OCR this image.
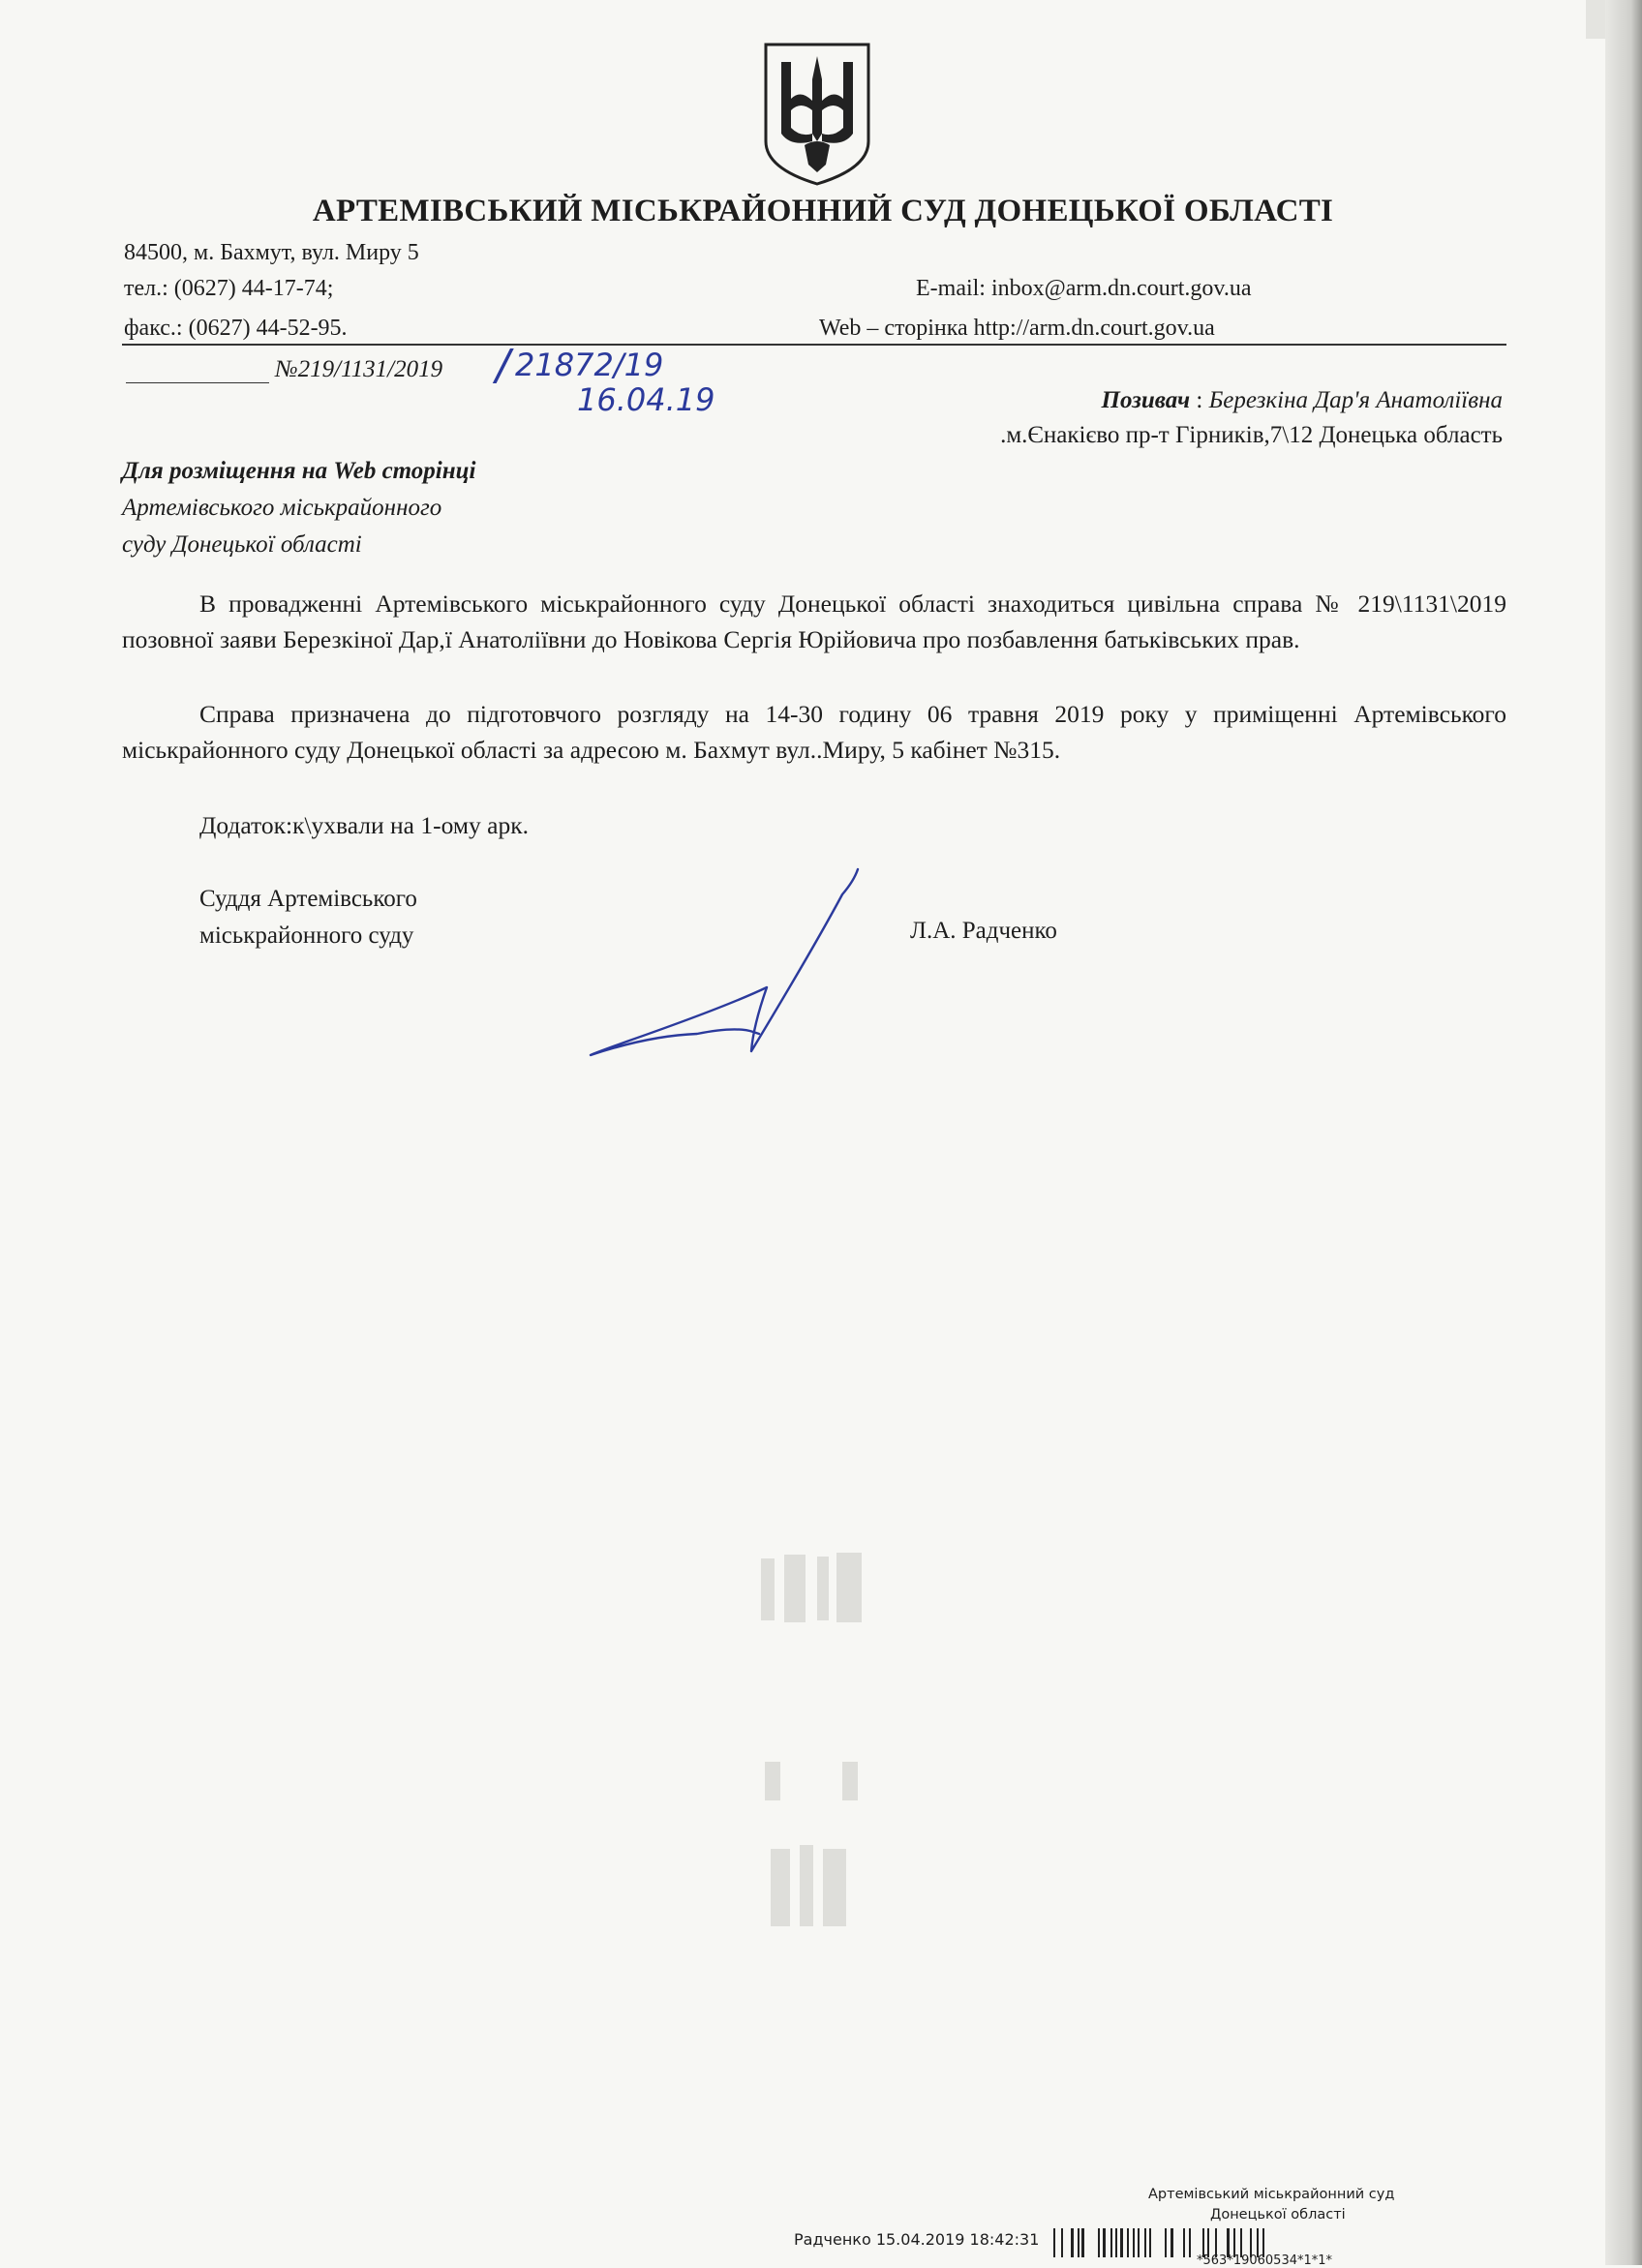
АРТЕМІВСЬКИЙ МІСЬКРАЙОННИЙ СУД ДОНЕЦЬКОЇ ОБЛАСТІ
84500, м. Бахмут, вул. Миру 5
тел.: (0627) 44-17-74;	E-mail: inbox@arm.dn.court.gov.ua
факс.: (0627) 44-52-95.	Web – сторінка http://arm.dn.court.gov.ua
№219/1131/2019 / 21872/19
16.04.19	Позивач : Березкіна Дар'я Анатоліївна
.м.Єнакієво пр-т Гірників,7\12 Донецька область
Для розміщення на Web сторінці
Артемівського міськрайонного
суду Донецької області
В провадженні Артемівського міськрайонного суду Донецької області знаходиться цивільна справа № 219\1131\2019 позовної заяви Березкіної Дар,ї Анатоліївни до Новікова Сергія Юрійовича про позбавлення батьківських прав.
Справа призначена до підготовчого розгляду на 14-30 годину 06 травня 2019 року у приміщенні Артемівського міськрайонного суду Донецької області за адресою м. Бахмут вул..Миру, 5 кабінет №315.
Додаток:к\ухвали на 1-ому арк.
Суддя Артемівського
міськрайонного суду	Л.А. Радченко
Артемівський міськрайонний суд
Донецької області
Радченко 15.04.2019 18:42:31
*563*19060534*1*1*
